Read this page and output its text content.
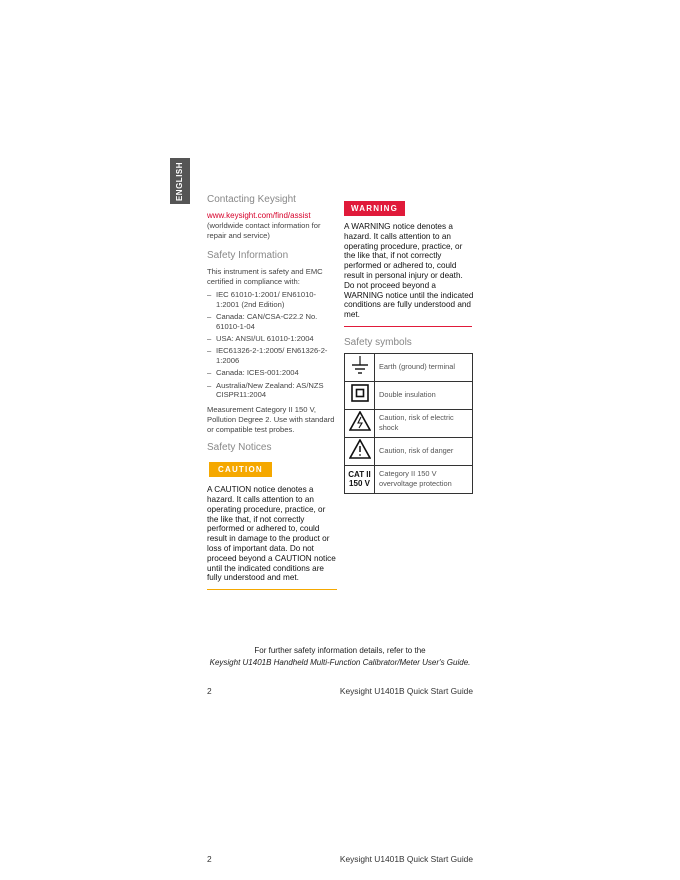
ENGLISH Contacting Keysight
www.keysight.com/find/assist
(worldwide contact information for repair and service)
Safety Information
This instrument is safety and EMC certified in compliance with:
– IEC 61010-1:2001/ EN61010-1:2001 (2nd Edition)
– Canada: CAN/CSA-C22.2 No. 61010-1-04
– USA: ANSI/UL 61010-1:2004
– IEC61326-2-1:2005/ EN61326-2-1:2006
– Canada: ICES-001:2004
– Australia/New Zealand: AS/NZS CISPR11:2004
Measurement Category II 150 V, Pollution Degree 2. Use with standard or compatible test probes.
Safety Notices
CAUTION

A CAUTION notice denotes a hazard. It calls attention to an operating procedure, practice, or the like that, if not correctly performed or adhered to, could result in damage to the product or loss of important data. Do not proceed beyond a CAUTION notice until the indicated conditions are fully understood and met.

WARNING

A WARNING notice denotes a hazard. It calls attention to an operating procedure, practice, or the like that, if not correctly performed or adhered to, could result in personal injury or death. Do not proceed beyond a WARNING notice until the indicated conditions are fully understood and met.

Safety symbols
	Earth (ground) terminal
	Double insulation
	Caution, risk of electric shock
	Caution, risk of danger

CAT II
150 V	Category II 150 V overvoltage protection
For further safety information details, refer to the
Keysight U1401B Handheld Multi-Function Calibrator/Meter User's Guide.
2	Keysight U1401B Quick Start Guide
2	Keysight U1401B Quick Start Guide
